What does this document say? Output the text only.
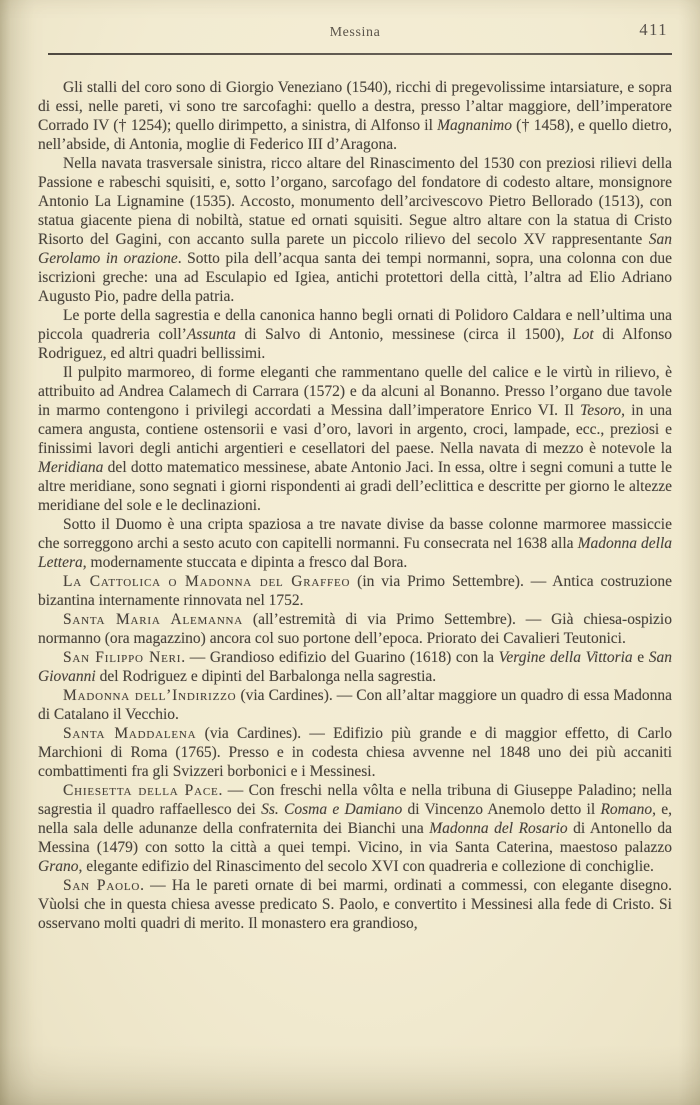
Messina	411

Gli stalli del coro sono di Giorgio Veneziano (1540), ricchi di pregevolissime intarsiature, e sopra di essi, nelle pareti, vi sono tre sarcofaghi: quello a destra, presso l’altar maggiore, dell’imperatore Corrado IV († 1254); quello dirimpetto, a sinistra, di Alfonso il Magnanimo († 1458), e quello dietro, nell’abside, di Antonia, moglie di Federico III d’Aragona.

Nella navata trasversale sinistra, ricco altare del Rinascimento del 1530 con preziosi rilievi della Passione e rabeschi squisiti, e, sotto l’organo, sarcofago del fondatore di codesto altare, monsignore Antonio La Lignamine (1535). Accosto, monumento dell’arcivescovo Pietro Bellorado (1513), con statua giacente piena di nobiltà, statue ed ornati squisiti. Segue altro altare con la statua di Cristo Risorto del Gagini, con accanto sulla parete un piccolo rilievo del secolo XV rappresentante San Gerolamo in orazione. Sotto pila dell’acqua santa dei tempi normanni, sopra, una colonna con due iscrizioni greche: una ad Esculapio ed Igiea, antichi protettori della città, l’altra ad Elio Adriano Augusto Pio, padre della patria.

Le porte della sagrestia e della canonica hanno begli ornati di Polidoro Caldara e nell’ultima una piccola quadreria coll’Assunta di Salvo di Antonio, messinese (circa il 1500), Lot di Alfonso Rodriguez, ed altri quadri bellissimi.

Il pulpito marmoreo, di forme eleganti che rammentano quelle del calice e le virtù in rilievo, è attribuito ad Andrea Calamech di Carrara (1572) e da alcuni al Bonanno. Presso l’organo due tavole in marmo contengono i privilegi accordati a Messina dall’imperatore Enrico VI. Il Tesoro, in una camera angusta, contiene ostensorii e vasi d’oro, lavori in argento, croci, lampade, ecc., preziosi e finissimi lavori degli antichi argentieri e cesellatori del paese. Nella navata di mezzo è notevole la Meridiana del dotto matematico messinese, abate Antonio Jaci. In essa, oltre i segni comuni a tutte le altre meridiane, sono segnati i giorni rispondenti ai gradi dell’eclittica e descritte per giorno le altezze meridiane del sole e le declinazioni.

Sotto il Duomo è una cripta spaziosa a tre navate divise da basse colonne marmoree massiccie che sorreggono archi a sesto acuto con capitelli normanni. Fu consecrata nel 1638 alla Madonna della Lettera, modernamente stuccata e dipinta a fresco dal Bora.

La Cattolica o Madonna del Graffeo (in via Primo Settembre). — Antica costruzione bizantina internamente rinnovata nel 1752.

Santa Maria Alemanna (all’estremità di via Primo Settembre). — Già chiesa-ospizio normanno (ora magazzino) ancora col suo portone dell’epoca. Priorato dei Cavalieri Teutonici.

San Filippo Neri. — Grandioso edifizio del Guarino (1618) con la Vergine della Vittoria e San Giovanni del Rodriguez e dipinti del Barbalonga nella sagrestia.

Madonna dell’Indirizzo (via Cardines). — Con all’altar maggiore un quadro di essa Madonna di Catalano il Vecchio.

Santa Maddalena (via Cardines). — Edifizio più grande e di maggior effetto, di Carlo Marchioni di Roma (1765). Presso e in codesta chiesa avvenne nel 1848 uno dei più accaniti combattimenti fra gli Svizzeri borbonici e i Messinesi.

Chiesetta della Pace. — Con freschi nella vôlta e nella tribuna di Giuseppe Paladino; nella sagrestia il quadro raffaellesco dei Ss. Cosma e Damiano di Vincenzo Anemolo detto il Romano, e, nella sala delle adunanze della confraternita dei Bianchi una Madonna del Rosario di Antonello da Messina (1479) con sotto la città a quei tempi. Vicino, in via Santa Caterina, maestoso palazzo Grano, elegante edifizio del Rinascimento del secolo XVI con quadreria e collezione di conchiglie.

San Paolo. — Ha le pareti ornate di bei marmi, ordinati a commessi, con elegante disegno. Vùolsi che in questa chiesa avesse predicato S. Paolo, e convertito i Messinesi alla fede di Cristo. Si osservano molti quadri di merito. Il monastero era grandioso,
